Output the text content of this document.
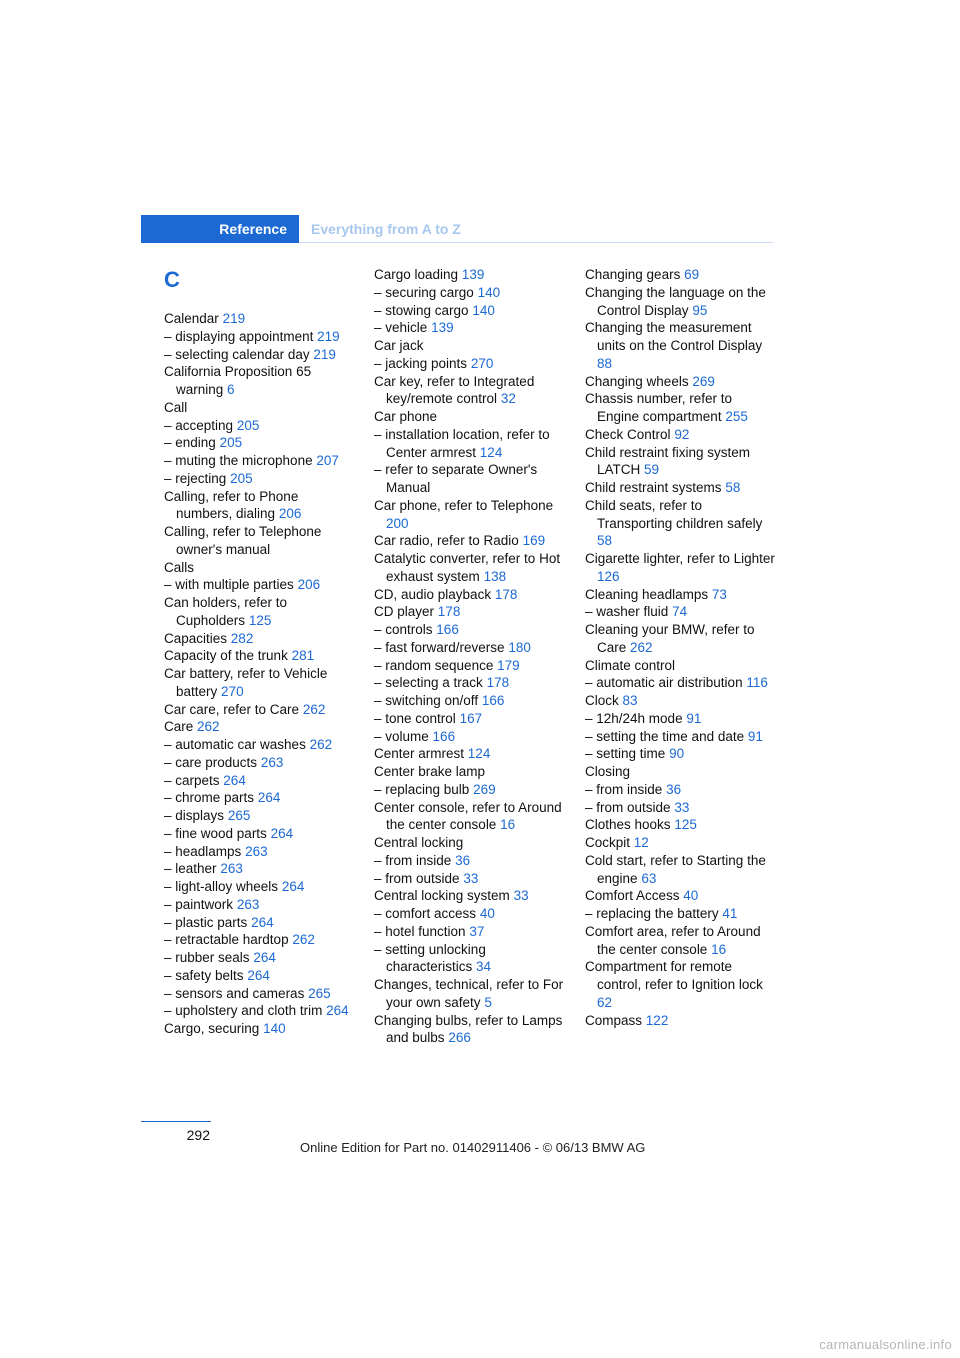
Reference	Everything from A to Z
C
Calendar 219
– displaying appointment 219
– selecting calendar day 219
California Proposition 65 warning 6
Call
– accepting 205
– ending 205
– muting the microphone 207
– rejecting 205
Calling, refer to Phone numbers, dialing 206
Calling, refer to Telephone owner's manual
Calls
– with multiple parties 206
Can holders, refer to Cupholders 125
Capacities 282
Capacity of the trunk 281
Car battery, refer to Vehicle battery 270
Car care, refer to Care 262
Care 262
– automatic car washes 262
– care products 263
– carpets 264
– chrome parts 264
– displays 265
– fine wood parts 264
– headlamps 263
– leather 263
– light-alloy wheels 264
– paintwork 263
– plastic parts 264
– retractable hardtop 262
– rubber seals 264
– safety belts 264
– sensors and cameras 265
– upholstery and cloth trim 264
Cargo, securing 140
Cargo loading 139
– securing cargo 140
– stowing cargo 140
– vehicle 139
Car jack
– jacking points 270
Car key, refer to Integrated key/remote control 32
Car phone
– installation location, refer to Center armrest 124
– refer to separate Owner's Manual
Car phone, refer to Telephone 200
Car radio, refer to Radio 169
Catalytic converter, refer to Hot exhaust system 138
CD, audio playback 178
CD player 178
– controls 166
– fast forward/reverse 180
– random sequence 179
– selecting a track 178
– switching on/off 166
– tone control 167
– volume 166
Center armrest 124
Center brake lamp
– replacing bulb 269
Center console, refer to Around the center console 16
Central locking
– from inside 36
– from outside 33
Central locking system 33
– comfort access 40
– hotel function 37
– setting unlocking characteristics 34
Changes, technical, refer to For your own safety 5
Changing bulbs, refer to Lamps and bulbs 266
Changing gears 69
Changing the language on the Control Display 95
Changing the measurement units on the Control Display 88
Changing wheels 269
Chassis number, refer to Engine compartment 255
Check Control 92
Child restraint fixing system LATCH 59
Child restraint systems 58
Child seats, refer to Transporting children safely 58
Cigarette lighter, refer to Lighter 126
Cleaning headlamps 73
– washer fluid 74
Cleaning your BMW, refer to Care 262
Climate control
– automatic air distribution 116
Clock 83
– 12h/24h mode 91
– setting the time and date 91
– setting time 90
Closing
– from inside 36
– from outside 33
Clothes hooks 125
Cockpit 12
Cold start, refer to Starting the engine 63
Comfort Access 40
– replacing the battery 41
Comfort area, refer to Around the center console 16
Compartment for remote control, refer to Ignition lock 62
Compass 122
292
Online Edition for Part no. 01402911406 - © 06/13 BMW AG
carmanualsonline.info
